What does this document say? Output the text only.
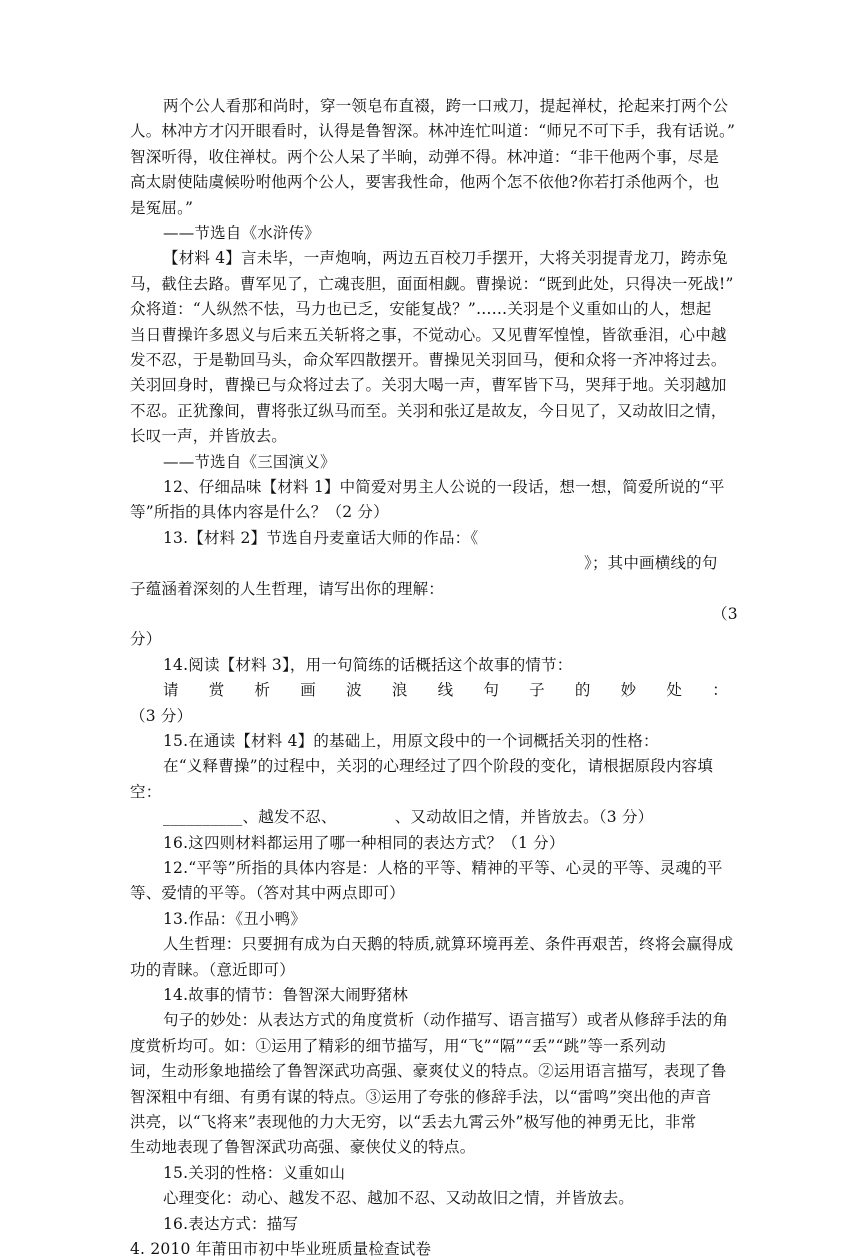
两个公人看那和尚时，穿一领皂布直裰，跨一口戒刀，提起禅杖，抡起来打两个公
人。林冲方才闪开眼看时，认得是鲁智深。林冲连忙叫道：“师兄不可下手，我有话说。”
智深听得，收住禅杖。两个公人呆了半晌，动弹不得。林冲道：“非干他两个事，尽是
高太尉使陆虞候吩咐他两个公人，要害我性命，他两个怎不依他?你若打杀他两个，也
是冤屈。”
——节选自《水浒传》
【材料 4】言未毕，一声炮响，两边五百校刀手摆开，大将关羽提青龙刀，跨赤兔
马，截住去路。曹军见了，亡魂丧胆，面面相觑。曹操说：“既到此处，只得决一死战!”
众将道：“人纵然不怯，马力也已乏，安能复战？”……关羽是个义重如山的人，想起
当日曹操许多恩义与后来五关斩将之事，不觉动心。又见曹军惶惶，皆欲垂泪，心中越
发不忍，于是勒回马头，命众军四散摆开。曹操见关羽回马，便和众将一齐冲将过去。
关羽回身时，曹操已与众将过去了。关羽大喝一声，曹军皆下马，哭拜于地。关羽越加
不忍。正犹豫间，曹将张辽纵马而至。关羽和张辽是故友，今日见了，又动故旧之情，
长叹一声，并皆放去。
——节选自《三国演义》
12、仔细品味【材料 1】中简爱对男主人公说的一段话，想一想，简爱所说的“平
等”所指的具体内容是什么？（2 分）
13.【材料 2】节选自丹麦童话大师的作品：《
》；其中画横线的句
子蕴涵着深刻的人生哲理，请写出你的理解：
（3
分）
14.阅读【材料 3】，用一句简练的话概括这个故事的情节：
请 赏 析 画 波 浪 线 句 子 的 妙 处 ：
（3 分）
15.在通读【材料 4】的基础上，用原文段中的一个词概括关羽的性格：
在“义释曹操”的过程中，关羽的心理经过了四个阶段的变化，请根据原段内容填
空：
__________、越发不忍、	、又动故旧之情，并皆放去。（3 分）
16.这四则材料都运用了哪一种相同的表达方式？（1 分）
12.“平等”所指的具体内容是：人格的平等、精神的平等、心灵的平等、灵魂的平
等、爱情的平等。（答对其中两点即可）
13.作品：《丑小鸭》
人生哲理：只要拥有成为白天鹅的特质,就算环境再差、条件再艰苦，终将会赢得成
功的青睐。（意近即可）
14.故事的情节：鲁智深大闹野猪林
句子的妙处：从表达方式的角度赏析（动作描写、语言描写）或者从修辞手法的角
度赏析均可。如：①运用了精彩的细节描写，用“飞”“隔”“丢”“跳”等一系列动
词，生动形象地描绘了鲁智深武功高强、豪爽仗义的特点。②运用语言描写，表现了鲁
智深粗中有细、有勇有谋的特点。③运用了夸张的修辞手法，以“雷鸣”突出他的声音
洪亮，以“飞将来”表现他的力大无穷，以“丢去九霄云外”极写他的神勇无比，非常
生动地表现了鲁智深武功高强、豪侠仗义的特点。
15.关羽的性格：义重如山
心理变化：动心、越发不忍、越加不忍、又动故旧之情，并皆放去。
16.表达方式：描写
4. 2010 年莆田市初中毕业班质量检查试卷
